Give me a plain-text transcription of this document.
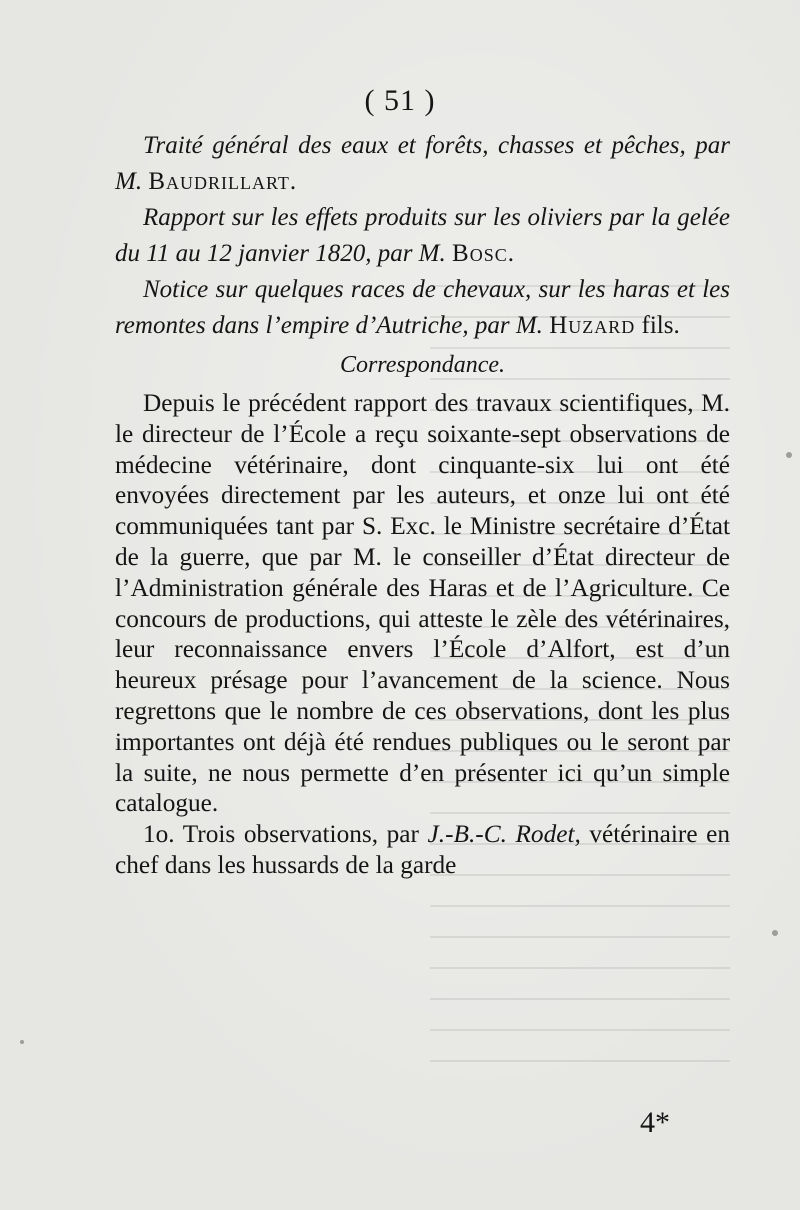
( 51 )

Traité général des eaux et forêts, chasses et pêches, par M. Baudrillart.

Rapport sur les effets produits sur les oliviers par la gelée du 11 au 12 janvier 1820, par M. Bosc.

Notice sur quelques races de chevaux, sur les haras et les remontes dans l’empire d’Autriche, par M. Huzard fils.

Correspondance.

Depuis le précédent rapport des travaux scientifiques, M. le directeur de l’École a reçu soixante-sept observations de médecine vétérinaire, dont cinquante-six lui ont été envoyées directement par les auteurs, et onze lui ont été communiquées tant par S. Exc. le Ministre secrétaire d’État de la guerre, que par M. le conseiller d’État directeur de l’Administration générale des Haras et de l’Agriculture. Ce concours de productions, qui atteste le zèle des vétérinaires, leur reconnaissance envers l’École d’Alfort, est d’un heureux présage pour l’avancement de la science. Nous regrettons que le nombre de ces observations, dont les plus importantes ont déjà été rendues publiques ou le seront par la suite, ne nous permette d’en présenter ici qu’un simple catalogue.

1o. Trois observations, par J.-B.-C. Rodet, vétérinaire en chef dans les hussards de la garde

4*
